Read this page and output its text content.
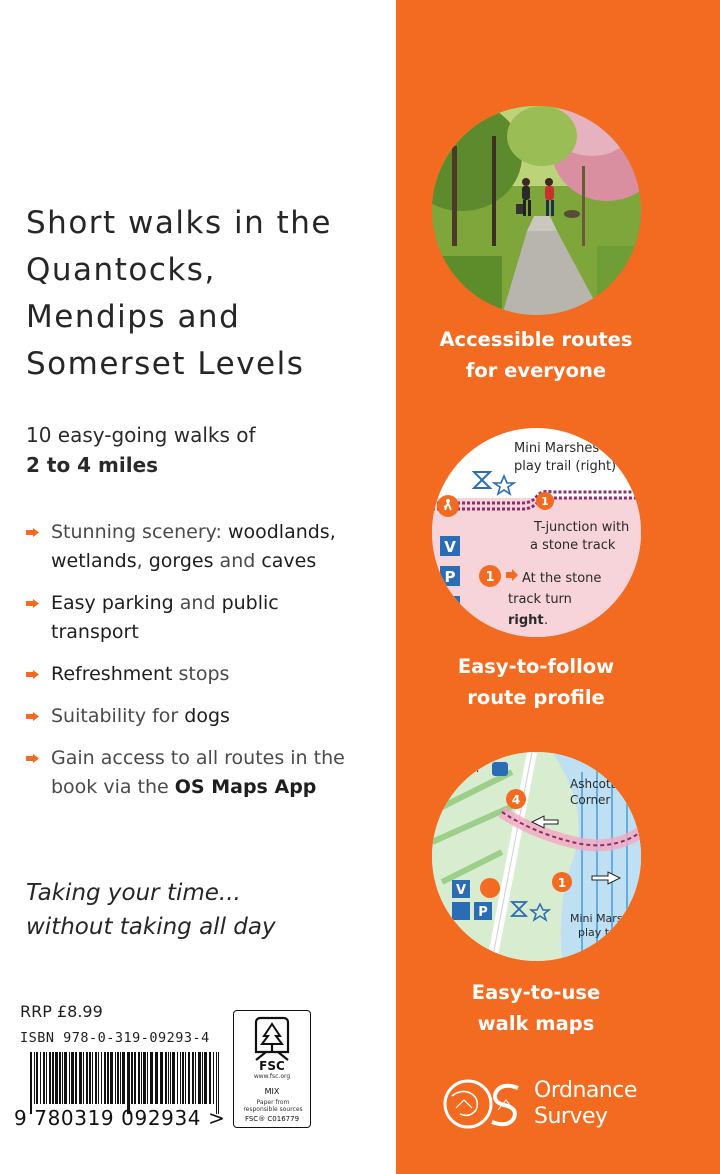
Short walks in the
Quantocks,
Mendips and
Somerset Levels
10 easy-going walks of
2 to 4 miles
Stunning scenery: woodlands,
wetlands, gorges and caves
Easy parking and public
transport
Refreshment stops
Suitability for dogs
Gain access to all routes in the
book via the OS Maps App
Taking your time...
without taking all day
RRP £8.99
ISBN 978-0-319-09293-4
9 780319 092934 >
FSC
www.fsc.org
MIX
Paper from
responsible sources
FSC® C016779
Accessible routes
for everyone
Mini Marshes
play trail (right)
1
T-junction with
a stone track
V
P 1 At the stone
track turn
right .
Easy-to-follow
route profile
nn
Ashcott
Corner
4
1
V
P	Mini Marsh
play trail
Easy-to-use
walk maps
Ordnance
Survey
